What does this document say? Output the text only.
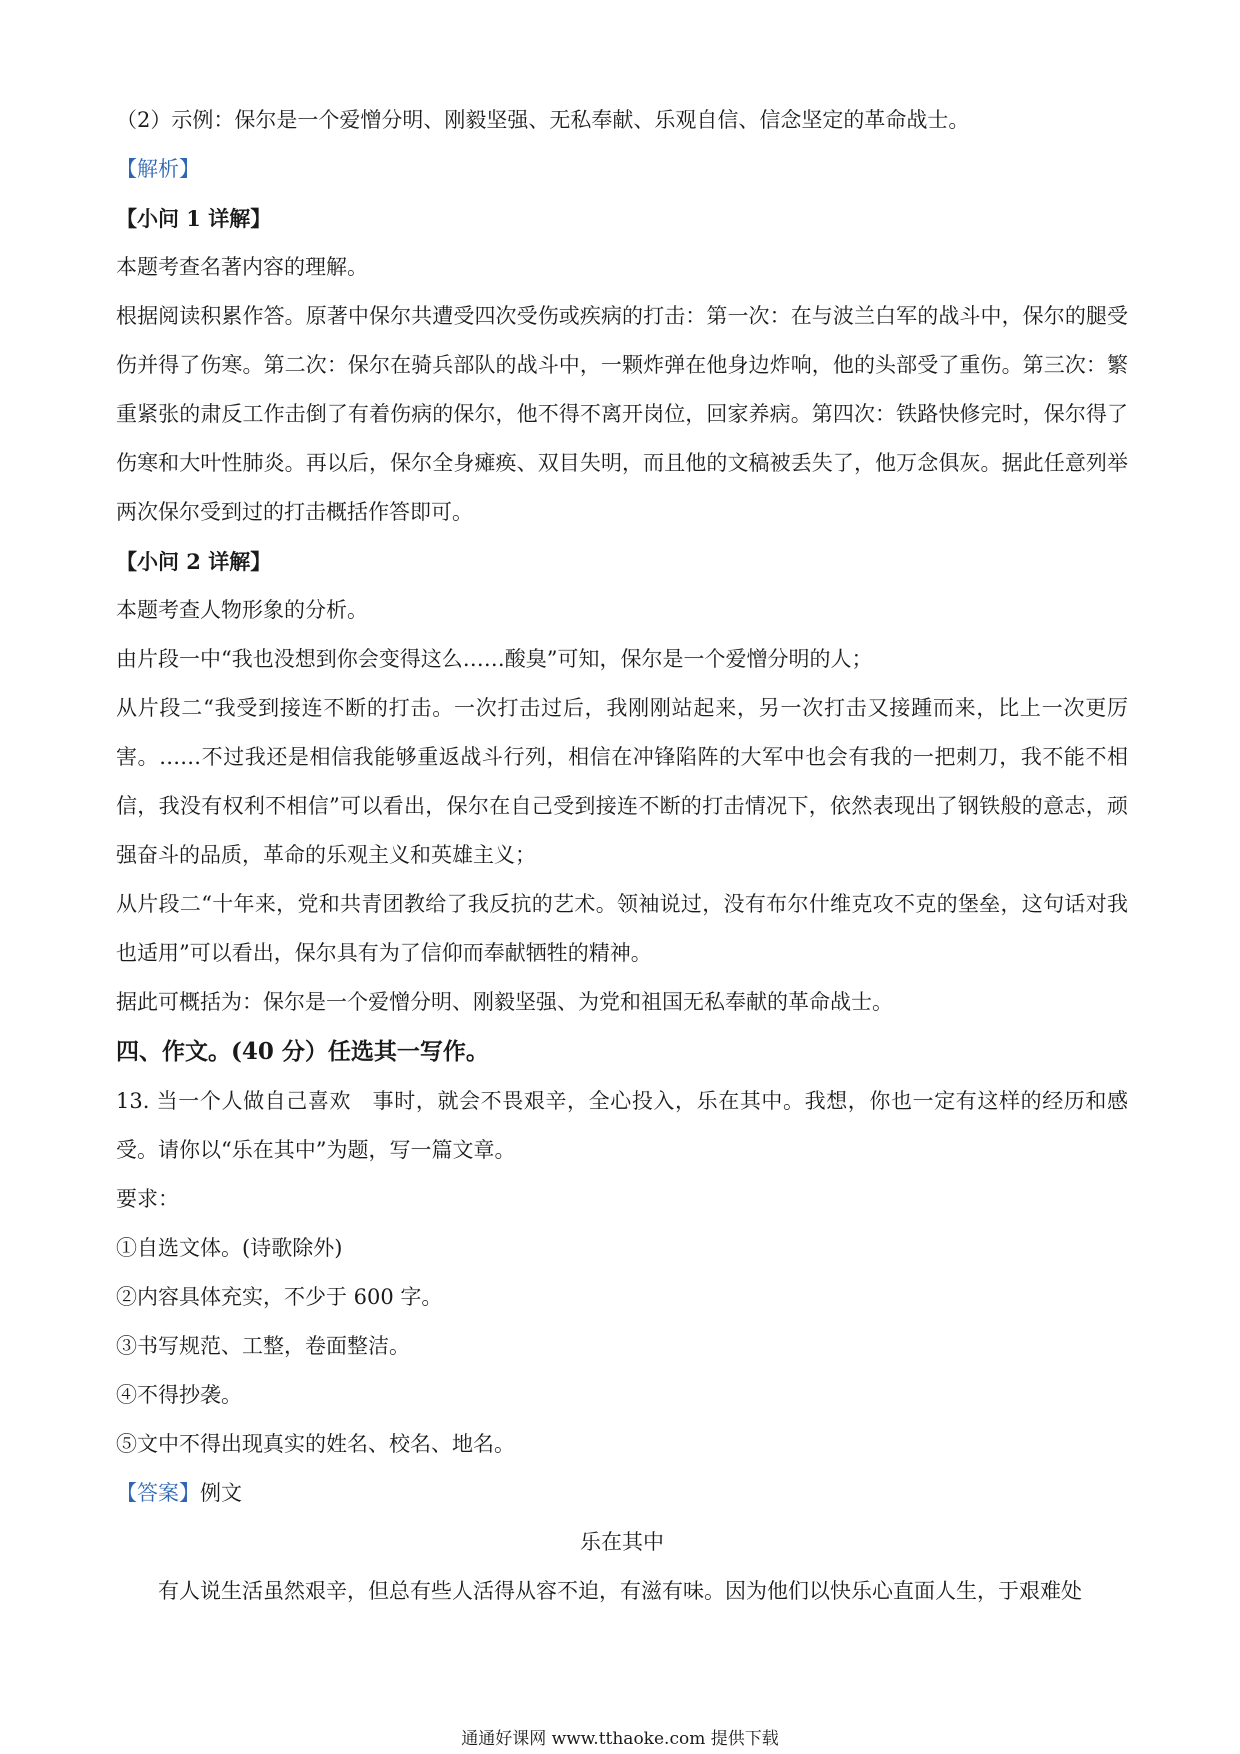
（2）示例：保尔是一个爱憎分明、刚毅坚强、无私奉献、乐观自信、信念坚定的革命战士。

【解析】

【小问 1 详解】

本题考查名著内容的理解。

根据阅读积累作答。原著中保尔共遭受四次受伤或疾病的打击：第一次：在与波兰白军的战斗中，保尔的腿受伤并得了伤寒。第二次：保尔在骑兵部队的战斗中，一颗炸弹在他身边炸响，他的头部受了重伤。第三次：繁重紧张的肃反工作击倒了有着伤病的保尔，他不得不离开岗位，回家养病。第四次：铁路快修完时，保尔得了伤寒和大叶性肺炎。再以后，保尔全身瘫痪、双目失明，而且他的文稿被丢失了，他万念俱灰。据此任意列举两次保尔受到过的打击概括作答即可。

【小问 2 详解】

本题考查人物形象的分析。

由片段一中“我也没想到你会变得这么……酸臭”可知，保尔是一个爱憎分明的人；

从片段二“我受到接连不断的打击。一次打击过后，我刚刚站起来，另一次打击又接踵而来，比上一次更厉害。……不过我还是相信我能够重返战斗行列，相信在冲锋陷阵的大军中也会有我的一把刺刀，我不能不相信，我没有权利不相信”可以看出，保尔在自己受到接连不断的打击情况下，依然表现出了钢铁般的意志，顽强奋斗的品质，革命的乐观主义和英雄主义；

从片段二“十年来，党和共青团教给了我反抗的艺术。领袖说过，没有布尔什维克攻不克的堡垒，这句话对我也适用”可以看出，保尔具有为了信仰而奉献牺牲的精神。

据此可概括为：保尔是一个爱憎分明、刚毅坚强、为党和祖国无私奉献的革命战士。

四、作文。(40 分）任选其一写作。

13. 当一个人做自己喜欢　事时，就会不畏艰辛，全心投入，乐在其中。我想，你也一定有这样的经历和感受。请你以“乐在其中”为题，写一篇文章。

要求：

①自选文体。(诗歌除外)

②内容具体充实，不少于 600 字。

③书写规范、工整，卷面整洁。

④不得抄袭。

⑤文中不得出现真实的姓名、校名、地名。

【答案】例文

乐在其中

有人说生活虽然艰辛，但总有些人活得从容不迫，有滋有味。因为他们以快乐心直面人生，于艰难处

通通好课网 www.tthaoke.com 提供下载
